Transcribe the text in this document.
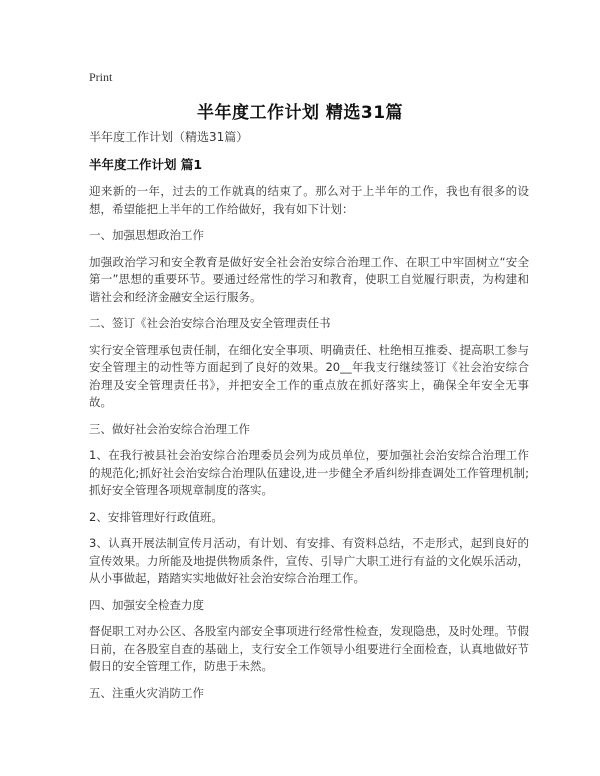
Print
半年度工作计划 精选31篇
半年度工作计划（精选31篇）
半年度工作计划 篇1

迎来新的一年，过去的工作就真的结束了。那么对于上半年的工作，我也有很多的设想，希望能把上半年的工作给做好，我有如下计划：

一、加强思想政治工作

加强政治学习和安全教育是做好安全社会治安综合治理工作、在职工中牢固树立“安全第一”思想的重要环节。要通过经常性的学习和教育，使职工自觉履行职责，为构建和谐社会和经济金融安全运行服务。

二、签订《社会治安综合治理及安全管理责任书

实行安全管理承包责任制，在细化安全事项、明确责任、杜绝相互推委、提高职工参与安全管理主的动性等方面起到了良好的效果。20__年我支行继续签订《社会治安综合治理及安全管理责任书》，并把安全工作的重点放在抓好落实上，确保全年安全无事故。

三、做好社会治安综合治理工作

1、在我行被县社会治安综合治理委员会列为成员单位，要加强社会治安综合治理工作的规范化;抓好社会治安综合治理队伍建设,进一步健全矛盾纠纷排查调处工作管理机制;抓好安全管理各项规章制度的落实。

2、安排管理好行政值班。

3、认真开展法制宣传月活动，有计划、有安排、有资料总结，不走形式，起到良好的宣传效果。力所能及地提供物质条件，宣传、引导广大职工进行有益的文化娱乐活动，从小事做起，踏踏实实地做好社会治安综合治理工作。

四、加强安全检查力度

督促职工对办公区、各股室内部安全事项进行经常性检查，发现隐患，及时处理。节假日前，在各股室自查的基础上，支行安全工作领导小组要进行全面检查，认真地做好节假日的安全管理工作，防患于未然。

五、注重火灾消防工作
